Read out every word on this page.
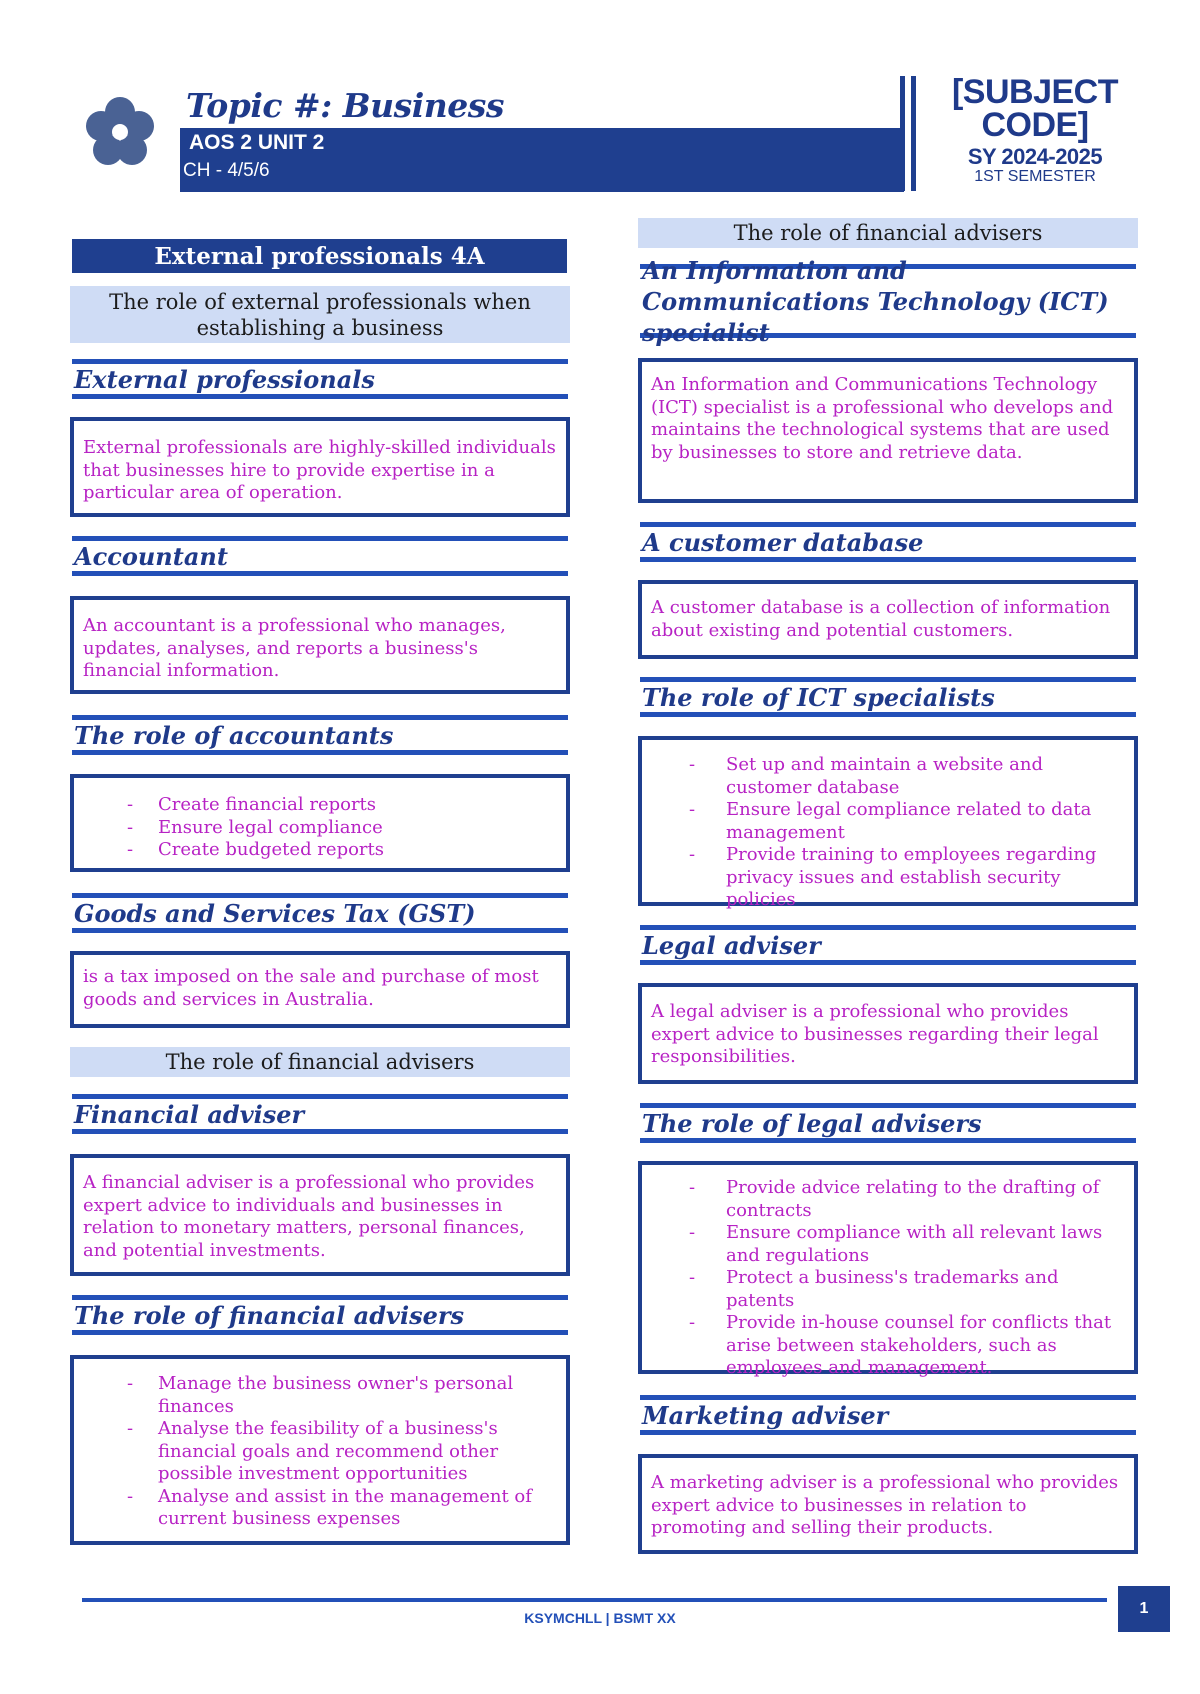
Topic #: Business
AOS 2 UNIT 2
CH - 4/5/6
[SUBJECT CODE]
SY 2024-2025
1ST SEMESTER
External professionals 4A
The role of external professionals when establishing a business
External professionals
External professionals are highly-skilled individuals that businesses hire to provide expertise in a particular area of operation.
Accountant
An accountant is a professional who manages, updates, analyses, and reports a business's financial information.
The role of accountants
- Create financial reports
- Ensure legal compliance
- Create budgeted reports
Goods and Services Tax (GST)
is a tax imposed on the sale and purchase of most goods and services in Australia.
The role of financial advisers
Financial adviser
A financial adviser is a professional who provides expert advice to individuals and businesses in relation to monetary matters, personal finances, and potential investments.
The role of financial advisers
- Manage the business owner's personal finances
- Analyse the feasibility of a business's financial goals and recommend other possible investment opportunities
- Analyse and assist in the management of current business expenses
The role of financial advisers
An Information and Communications Technology (ICT) specialist
An Information and Communications Technology (ICT) specialist is a professional who develops and maintains the technological systems that are used by businesses to store and retrieve data.
A customer database
A customer database is a collection of information about existing and potential customers.
The role of ICT specialists
- Set up and maintain a website and customer database
- Ensure legal compliance related to data management
- Provide training to employees regarding privacy issues and establish security policies
Legal adviser
A legal adviser is a professional who provides expert advice to businesses regarding their legal responsibilities.
The role of legal advisers
- Provide advice relating to the drafting of contracts
- Ensure compliance with all relevant laws and regulations
- Protect a business's trademarks and patents
- Provide in-house counsel for conflicts that arise between stakeholders, such as employees and management.
Marketing adviser
A marketing adviser is a professional who provides expert advice to businesses in relation to promoting and selling their products.
KSYMCHLL | BSMT XX
1
